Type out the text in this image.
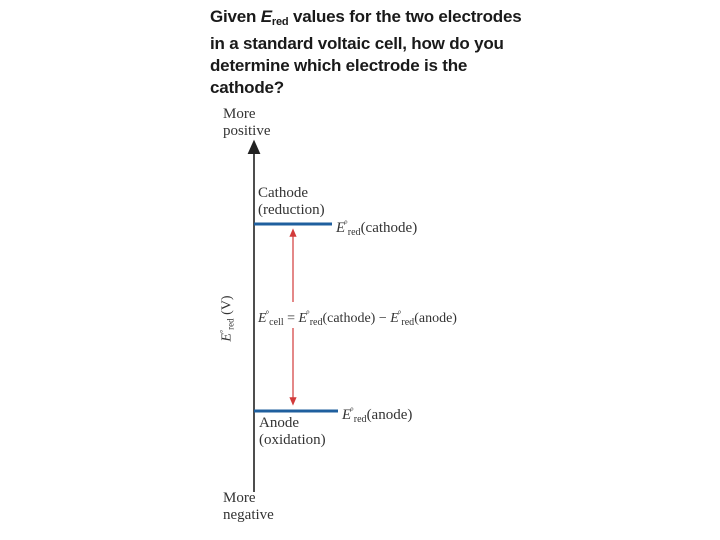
Given $E_{red}$ values for the two electrodes in a standard voltaic cell, how do you determine which electrode is the cathode?
More
positive
More
negative
$E^\circ_{red}$ (V)
Cathode
(reduction)
$E^\circ_{red}(cathode)$
$E^\circ_{cell}$ = $E^\circ_{red}(cathode)$ − $E^\circ_{red}(anode)$
$E^\circ_{red}(anode)$
Anode
(oxidation)
